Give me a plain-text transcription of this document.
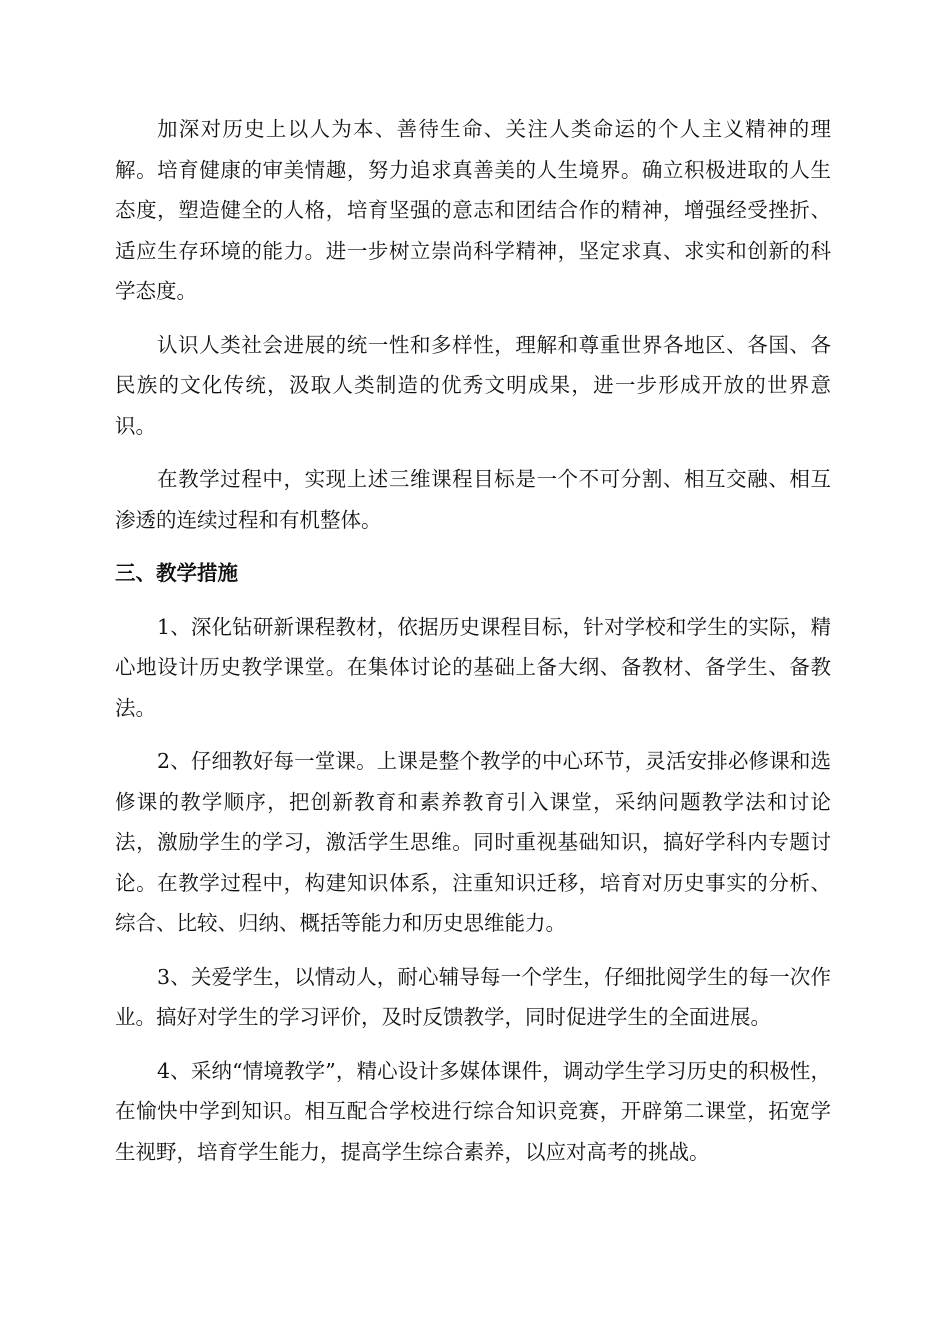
加深对历史上以人为本、善待生命、关注人类命运的个人主义精神的理解。培育健康的审美情趣，努力追求真善美的人生境界。确立积极进取的人生态度，塑造健全的人格，培育坚强的意志和团结合作的精神，增强经受挫折、适应生存环境的能力。进一步树立崇尚科学精神，坚定求真、求实和创新的科学态度。

认识人类社会进展的统一性和多样性，理解和尊重世界各地区、各国、各民族的文化传统，汲取人类制造的优秀文明成果，进一步形成开放的世界意识。

在教学过程中，实现上述三维课程目标是一个不可分割、相互交融、相互渗透的连续过程和有机整体。

三、教学措施

1、深化钻研新课程教材，依据历史课程目标，针对学校和学生的实际，精心地设计历史教学课堂。在集体讨论的基础上备大纲、备教材、备学生、备教法。

2、仔细教好每一堂课。上课是整个教学的中心环节，灵活安排必修课和选修课的教学顺序，把创新教育和素养教育引入课堂，采纳问题教学法和讨论法，激励学生的学习，激活学生思维。同时重视基础知识，搞好学科内专题讨论。在教学过程中，构建知识体系，注重知识迁移，培育对历史事实的分析、综合、比较、归纳、概括等能力和历史思维能力。

3、关爱学生，以情动人，耐心辅导每一个学生，仔细批阅学生的每一次作业。搞好对学生的学习评价，及时反馈教学，同时促进学生的全面进展。

4、采纳“情境教学”，精心设计多媒体课件，调动学生学习历史的积极性，在愉快中学到知识。相互配合学校进行综合知识竞赛，开辟第二课堂，拓宽学生视野，培育学生能力，提高学生综合素养，以应对高考的挑战。
